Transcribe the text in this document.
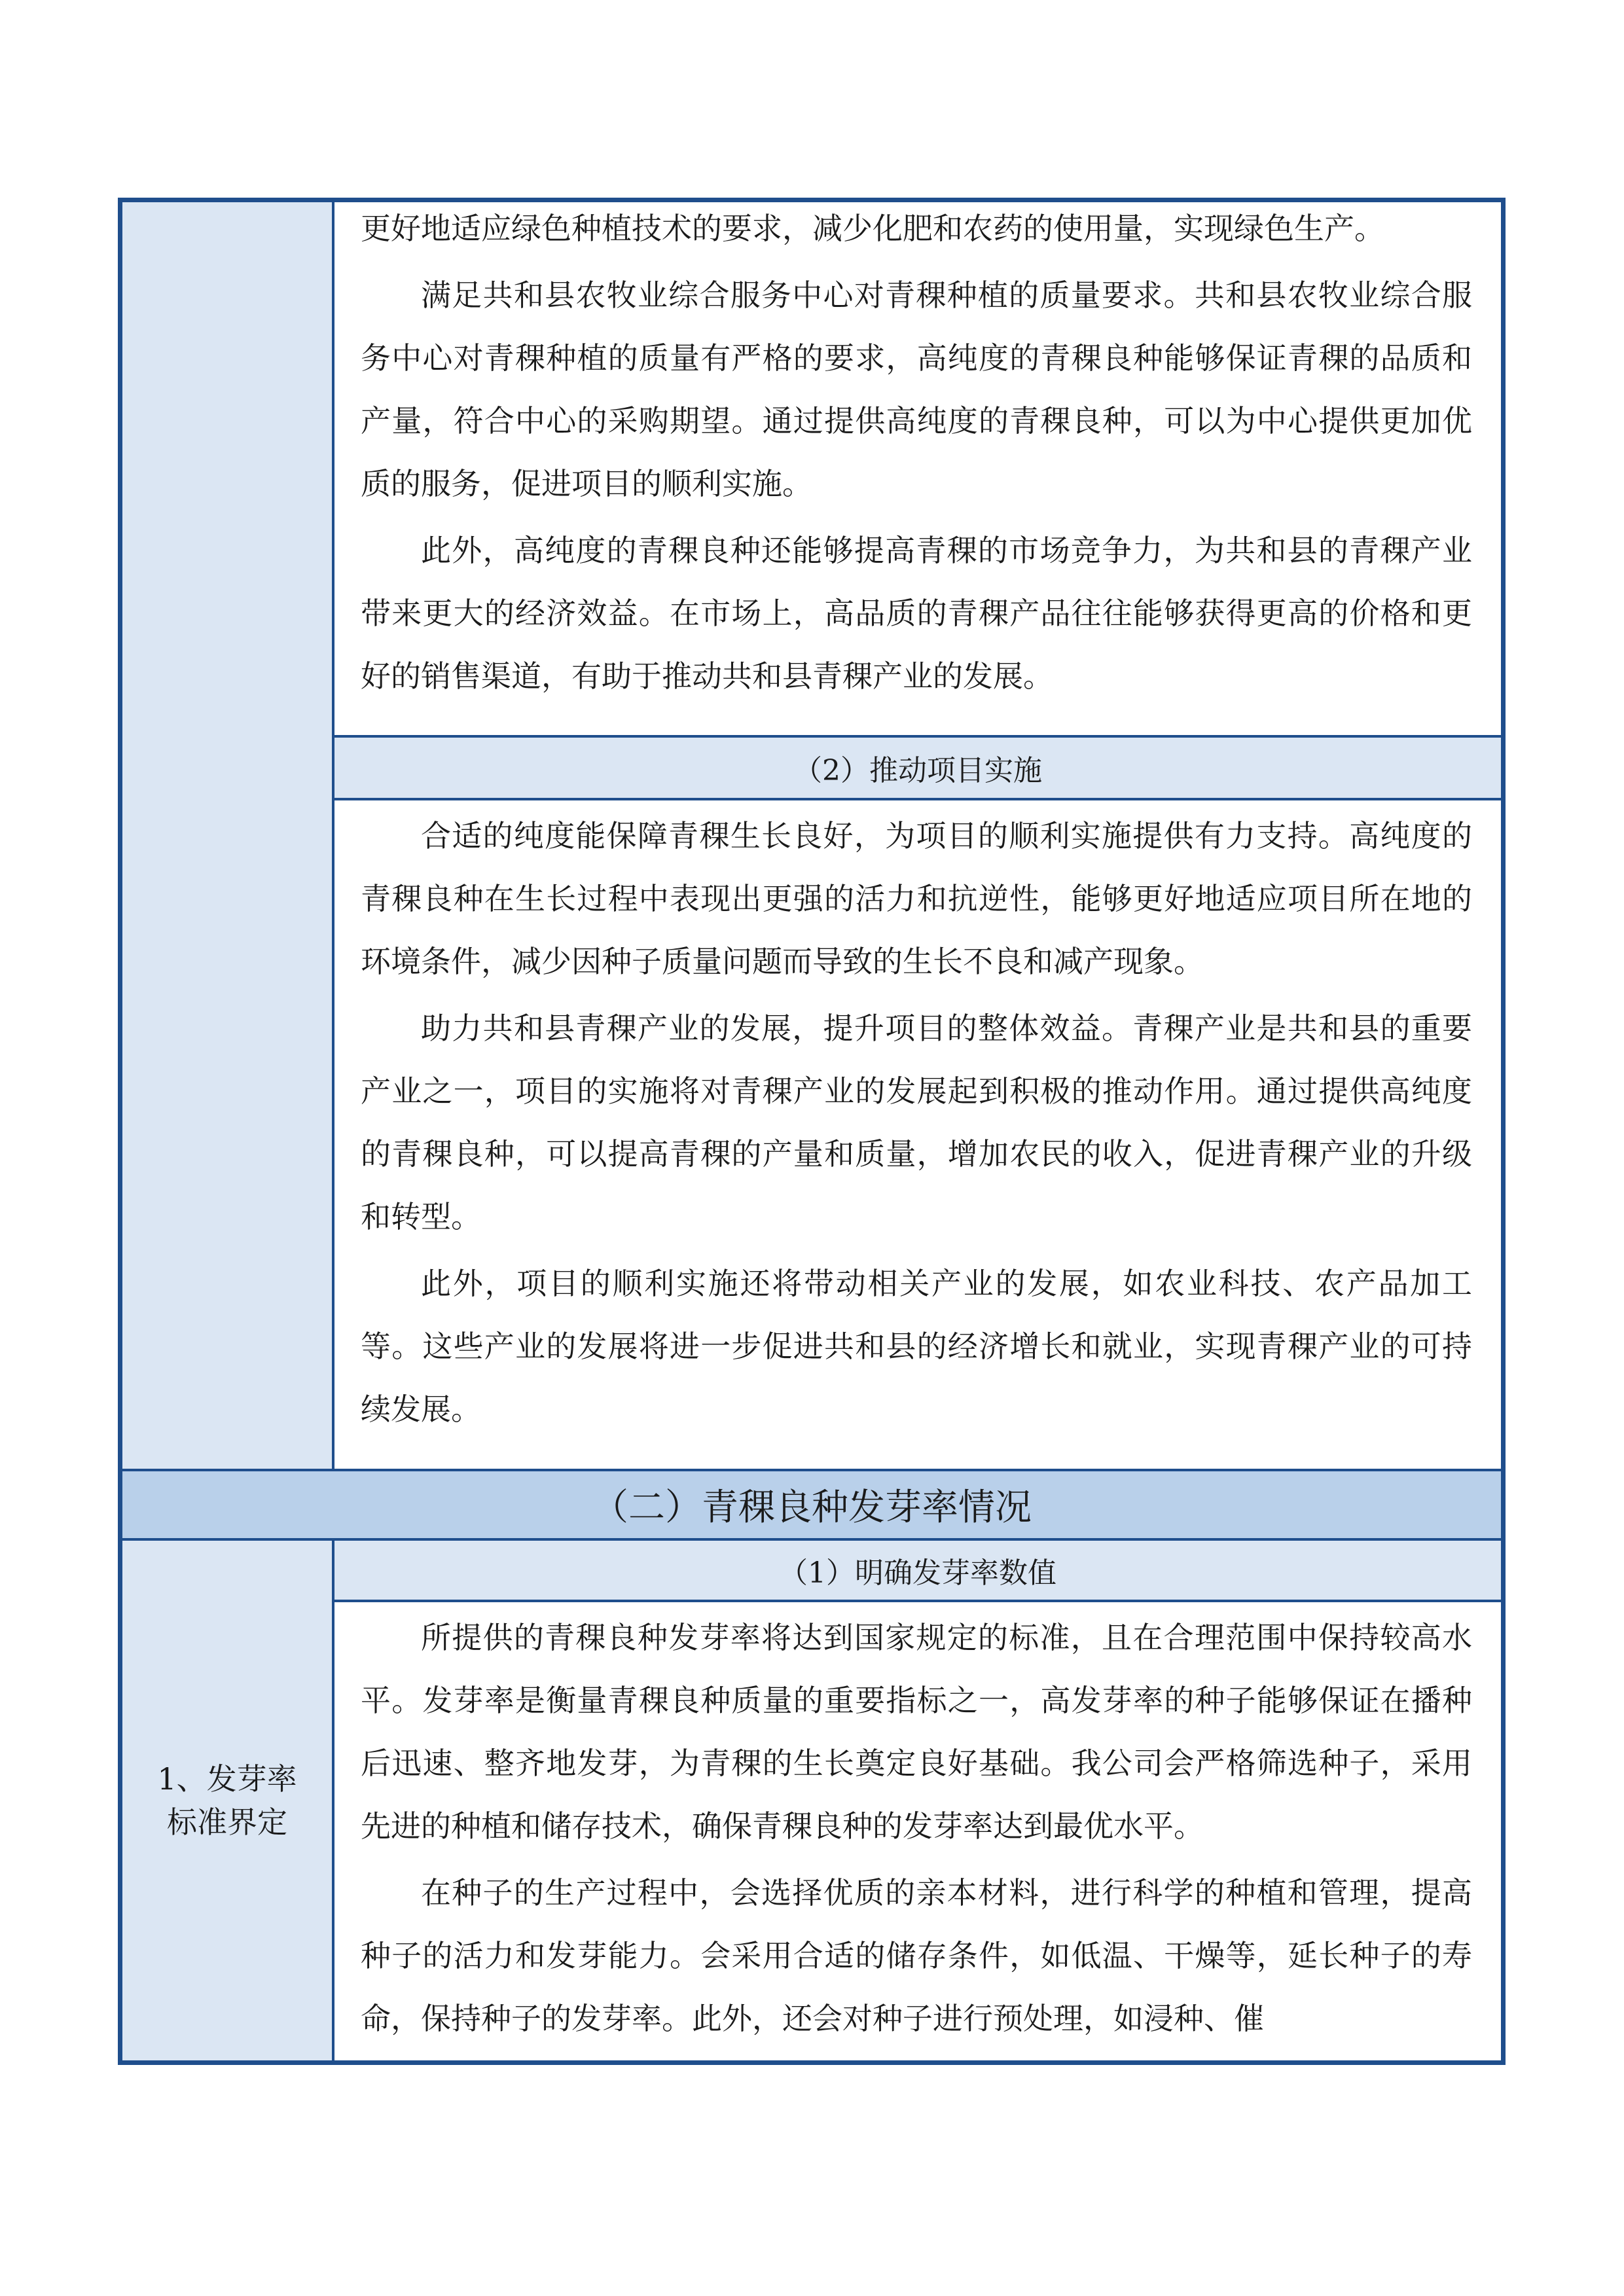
更好地适应绿色种植技术的要求，减少化肥和农药的使用量，实现绿色生产。

满足共和县农牧业综合服务中心对青稞种植的质量要求。共和县农牧业综合服务中心对青稞种植的质量有严格的要求，高纯度的青稞良种能够保证青稞的品质和产量，符合中心的采购期望。通过提供高纯度的青稞良种，可以为中心提供更加优质的服务，促进项目的顺利实施。

此外，高纯度的青稞良种还能够提高青稞的市场竞争力，为共和县的青稞产业带来更大的经济效益。在市场上，高品质的青稞产品往往能够获得更高的价格和更好的销售渠道，有助于推动共和县青稞产业的发展。

（2）推动项目实施

合适的纯度能保障青稞生长良好，为项目的顺利实施提供有力支持。高纯度的青稞良种在生长过程中表现出更强的活力和抗逆性，能够更好地适应项目所在地的环境条件，减少因种子质量问题而导致的生长不良和减产现象。

助力共和县青稞产业的发展，提升项目的整体效益。青稞产业是共和县的重要产业之一，项目的实施将对青稞产业的发展起到积极的推动作用。通过提供高纯度的青稞良种，可以提高青稞的产量和质量，增加农民的收入，促进青稞产业的升级和转型。

此外，项目的顺利实施还将带动相关产业的发展，如农业科技、农产品加工等。这些产业的发展将进一步促进共和县的经济增长和就业，实现青稞产业的可持续发展。

（二）青稞良种发芽率情况
1、发芽率
标准界定
（1）明确发芽率数值

所提供的青稞良种发芽率将达到国家规定的标准，且在合理范围中保持较高水平。发芽率是衡量青稞良种质量的重要指标之一，高发芽率的种子能够保证在播种后迅速、整齐地发芽，为青稞的生长奠定良好基础。我公司会严格筛选种子，采用先进的种植和储存技术，确保青稞良种的发芽率达到最优水平。

在种子的生产过程中，会选择优质的亲本材料，进行科学的种植和管理，提高种子的活力和发芽能力。会采用合适的储存条件，如低温、干燥等，延长种子的寿命，保持种子的发芽率。此外，还会对种子进行预处理，如浸种、催
